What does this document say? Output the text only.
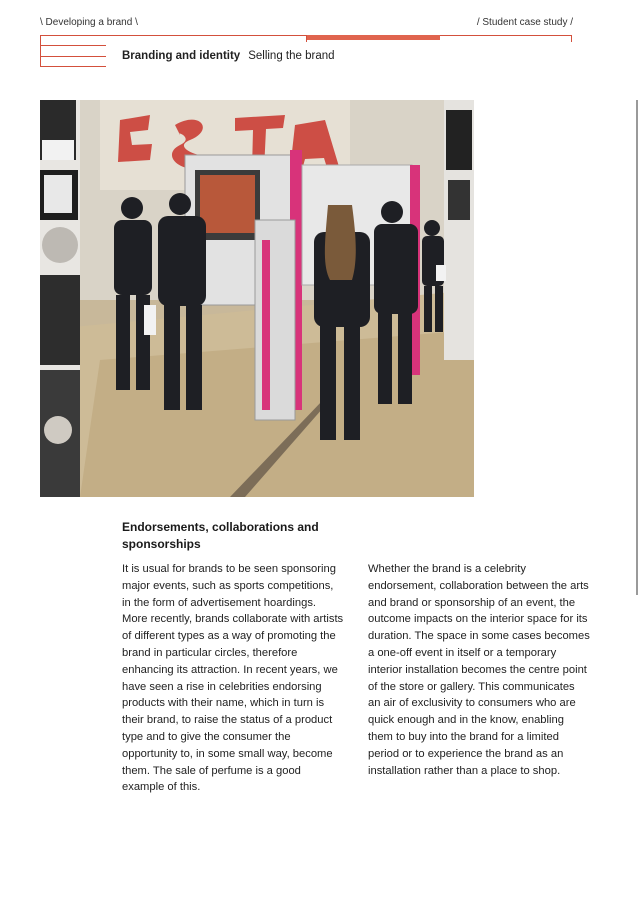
\ Developing a brand \	/ Student case study /
Branding and identity Selling the brand
Endorsements, collaborations and sponsorships

It is usual for brands to be seen sponsoring major events, such as sports competitions, in the form of advertisement hoardings. More recently, brands collaborate with artists of different types as a way of promoting the brand in particular circles, therefore enhancing its attraction. In recent years, we have seen a rise in celebrities endorsing products with their name, which in turn is their brand, to raise the status of a product type and to give the consumer the opportunity to, in some small way, become them. The sale of perfume is a good example of this.

Whether the brand is a celebrity endorsement, collaboration between the arts and brand or sponsorship of an event, the outcome impacts on the interior space for its duration. The space in some cases becomes a one-off event in itself or a temporary interior installation becomes the centre point of the store or gallery. This communicates an air of exclusivity to consumers who are quick enough and in the know, enabling them to buy into the brand for a limited period or to experience the brand as an installation rather than a place to shop.
